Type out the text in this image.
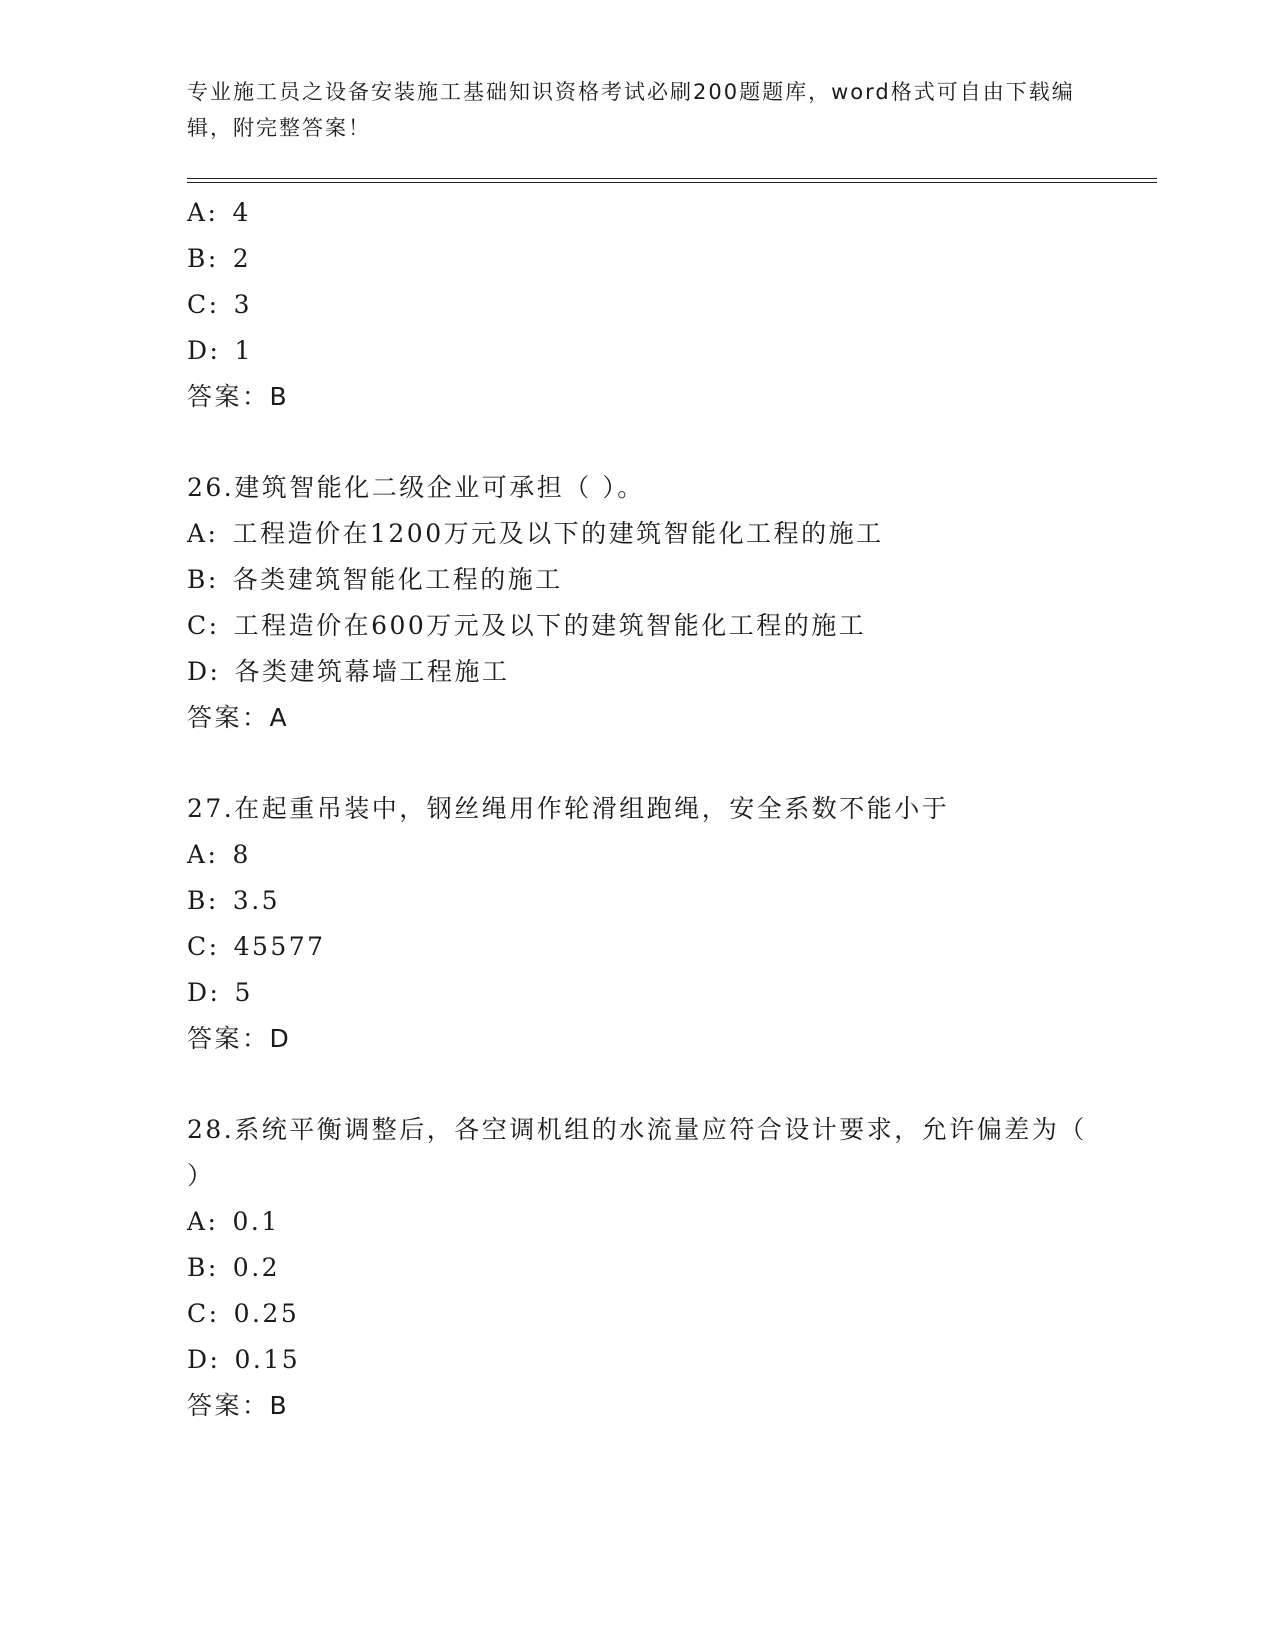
专业施工员之设备安装施工基础知识资格考试必刷200题题库，word格式可自由下载编辑，附完整答案！
A: 4
B: 2
C: 3
D: 1
答案：B
26.建筑智能化二级企业可承担（ ）。
A: 工程造价在1200万元及以下的建筑智能化工程的施工
B: 各类建筑智能化工程的施工
C: 工程造价在600万元及以下的建筑智能化工程的施工
D: 各类建筑幕墙工程施工
答案：A
27.在起重吊装中，钢丝绳用作轮滑组跑绳，安全系数不能小于
A: 8
B: 3.5
C: 45577
D: 5
答案：D
28.系统平衡调整后，各空调机组的水流量应符合设计要求，允许偏差为（ ）
A: 0.1
B: 0.2
C: 0.25
D: 0.15
答案：B
